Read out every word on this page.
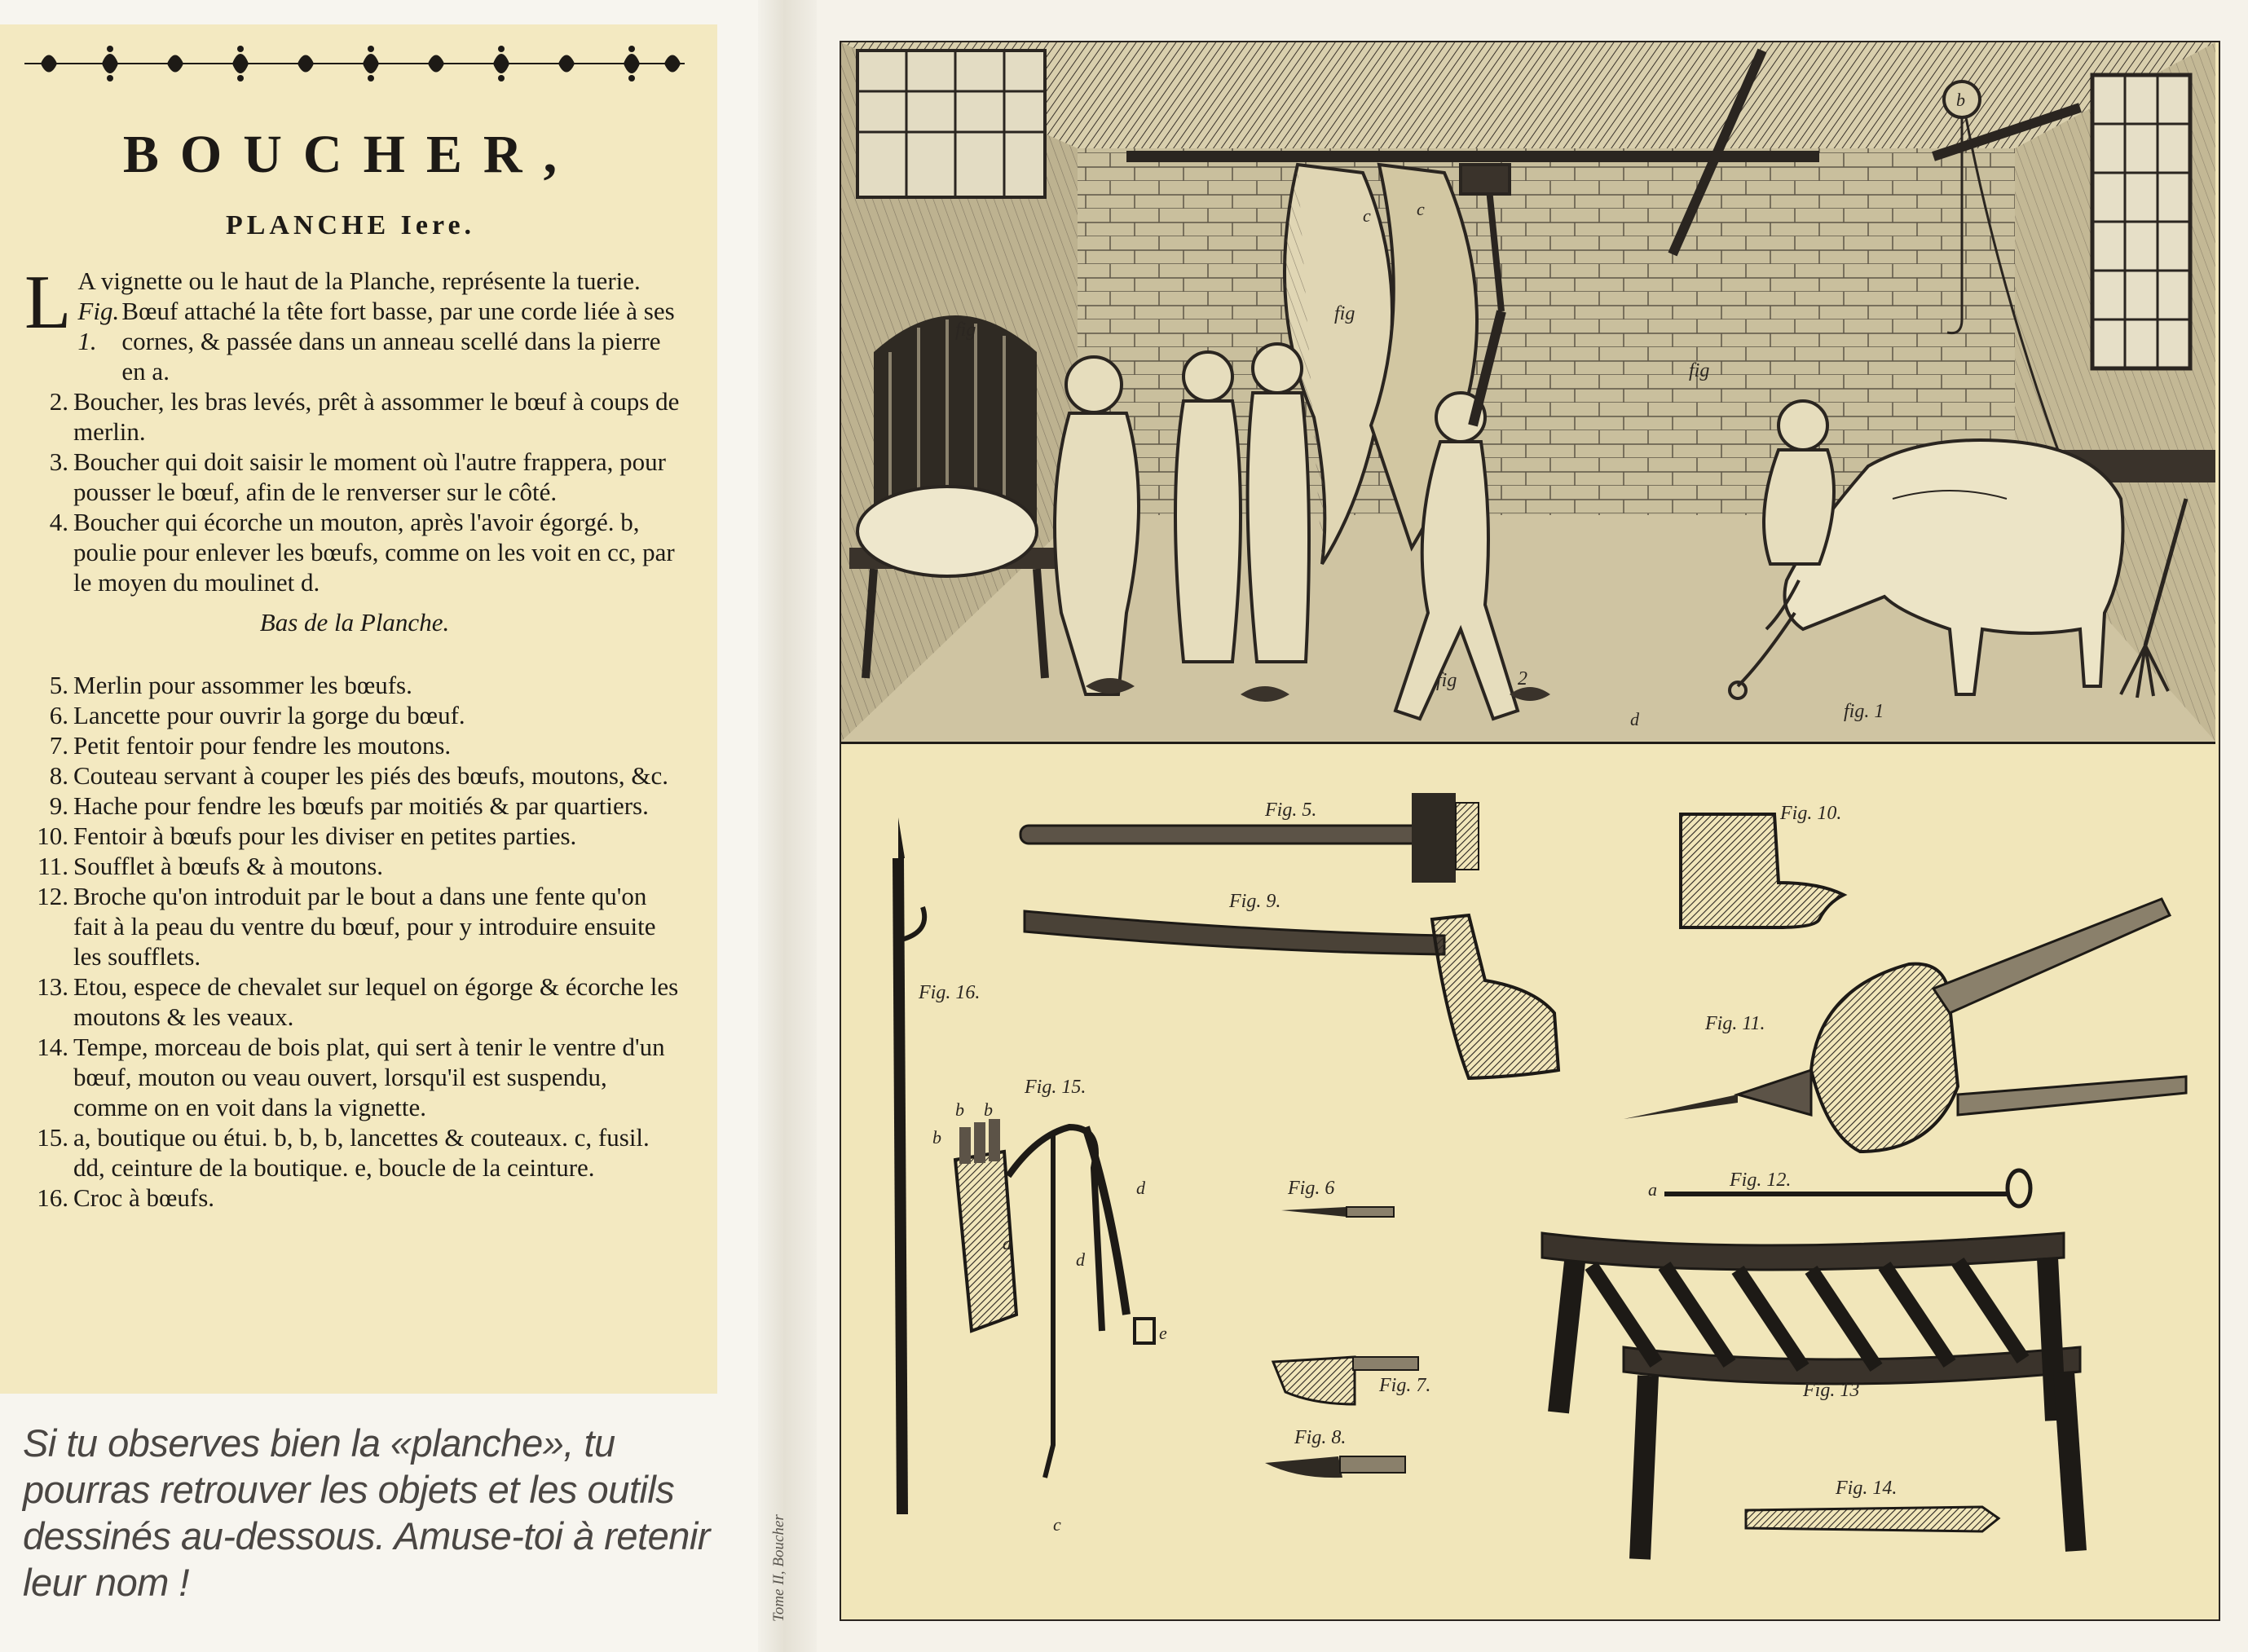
BOUCHER,
PLANCHE Iere.

L A vignette ou le haut de la Planche, représente la tuerie.

Fig. 1.
Bœuf attaché la tête fort basse, par une corde liée à ses cornes, & passée dans un anneau scellé dans la pierre en a.
2. Boucher, les bras levés, prêt à assommer le bœuf à coups de merlin.
3. Boucher qui doit saisir le moment où l'autre frappera, pour pousser le bœuf, afin de le renverser sur le côté.
4. Boucher qui écorche un mouton, après l'avoir égorgé. b, poulie pour enlever les bœufs, comme on les voit en cc, par le moyen du moulinet d.
Bas de la Planche.
5. Merlin pour assommer les bœufs.
6. Lancette pour ouvrir la gorge du bœuf.
7. Petit fentoir pour fendre les moutons.
8. Couteau servant à couper les piés des bœufs, moutons, &c.
9. Hache pour fendre les bœufs par moitiés & par quartiers.
10. Fentoir à bœufs pour les diviser en petites parties.
11. Soufflet à bœufs & à moutons.
12. Broche qu'on introduit par le bout a dans une fente qu'on fait à la peau du ventre du bœuf, pour y introduire ensuite les soufflets.
13. Etou, espece de chevalet sur lequel on égorge & écorche les moutons & les veaux.
14. Tempe, morceau de bois plat, qui sert à tenir le ventre d'un bœuf, mouton ou veau ouvert, lorsqu'il est suspendu, comme on en voit dans la vignette.
15. a, boutique ou étui. b, b, b, lancettes & couteaux. c, fusil. dd, ceinture de la boutique. e, boucle de la ceinture.
16. Croc à bœufs.
Si tu observes bien la «planche», tu pourras retrouver les objets et les outils dessinés au-dessous. Amuse-toi à retenir leur nom !	Tome II, Boucher
fig. 1
fig	2
fig
fig
fig
b
c	c
d
Fig. 5.
Fig. 9.
Fig. 10.
Fig. 11.
Fig. 12.
a
Fig. 13
Fig. 14.
Fig. 15.
Fig. 16.
Fig. 6
Fig. 7.
Fig. 8.
b
b
b
a
c
d
d
e
